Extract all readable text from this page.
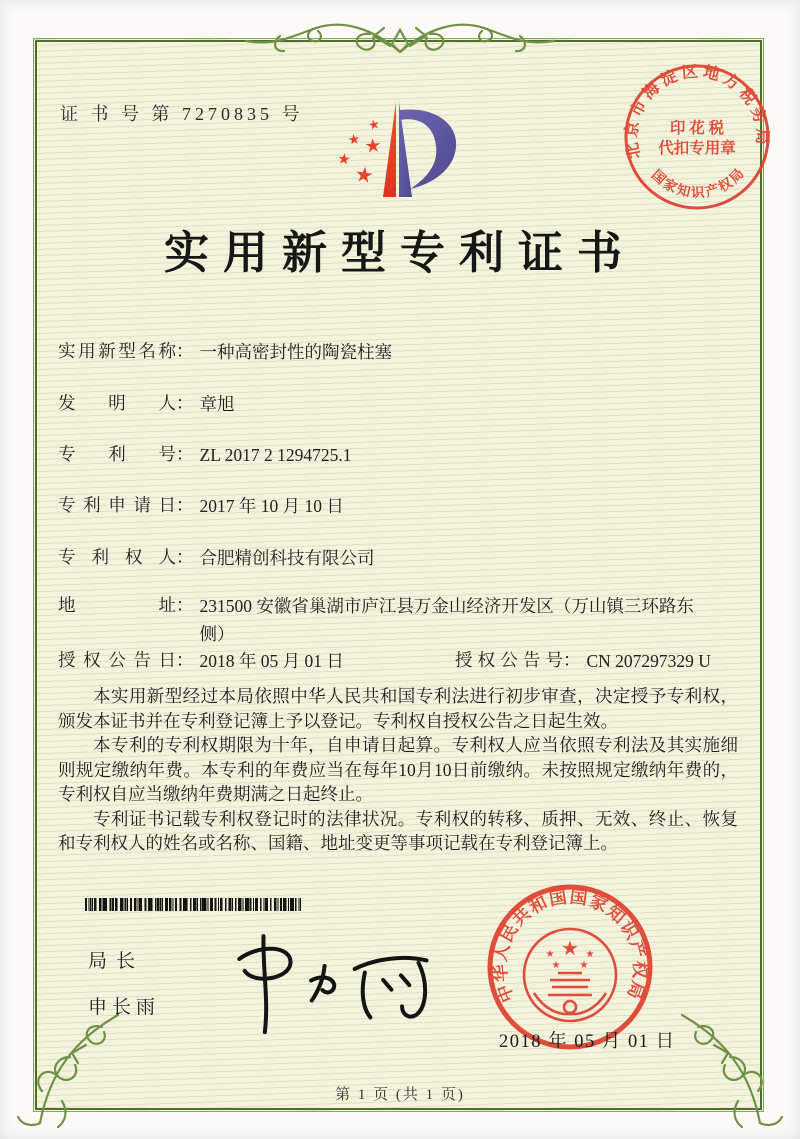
证 书 号 第 7270835 号
★
★ ★
★
★
北京市海淀区地方税务局
国家知识产权局
印 花 税
代扣专用章
实用新型专利证书
实用新型名称： 一种高密封性的陶瓷柱塞
发明人： 章旭
专利号： ZL 2017 2 1294725.1
专利申请日： 2017 年 10 月 10 日
专利权人： 合肥精创科技有限公司
地址： 231500 安徽省巢湖市庐江县万金山经济开发区（万山镇三环路东侧）
授权公告日： 2018 年 05 月 01 日	授权公告号： CN 207297329 U

本实用新型经过本局依照中华人民共和国专利法进行初步审查，决定授予专利权，颁发本证书并在专利登记簿上予以登记。专利权自授权公告之日起生效。

本专利的专利权期限为十年，自申请日起算。专利权人应当依照专利法及其实施细则规定缴纳年费。本专利的年费应当在每年10月10日前缴纳。未按照规定缴纳年费的，专利权自应当缴纳年费期满之日起终止。

专利证书记载专利权登记时的法律状况。专利权的转移、质押、无效、终止、恢复和专利权人的姓名或名称、国籍、地址变更等事项记载在专利登记簿上。

局长
申长雨
中华人民共和国国家知识产权局
★
★	★
★ ★
2018 年 05 月 01 日
第 1 页 (共 1 页)
